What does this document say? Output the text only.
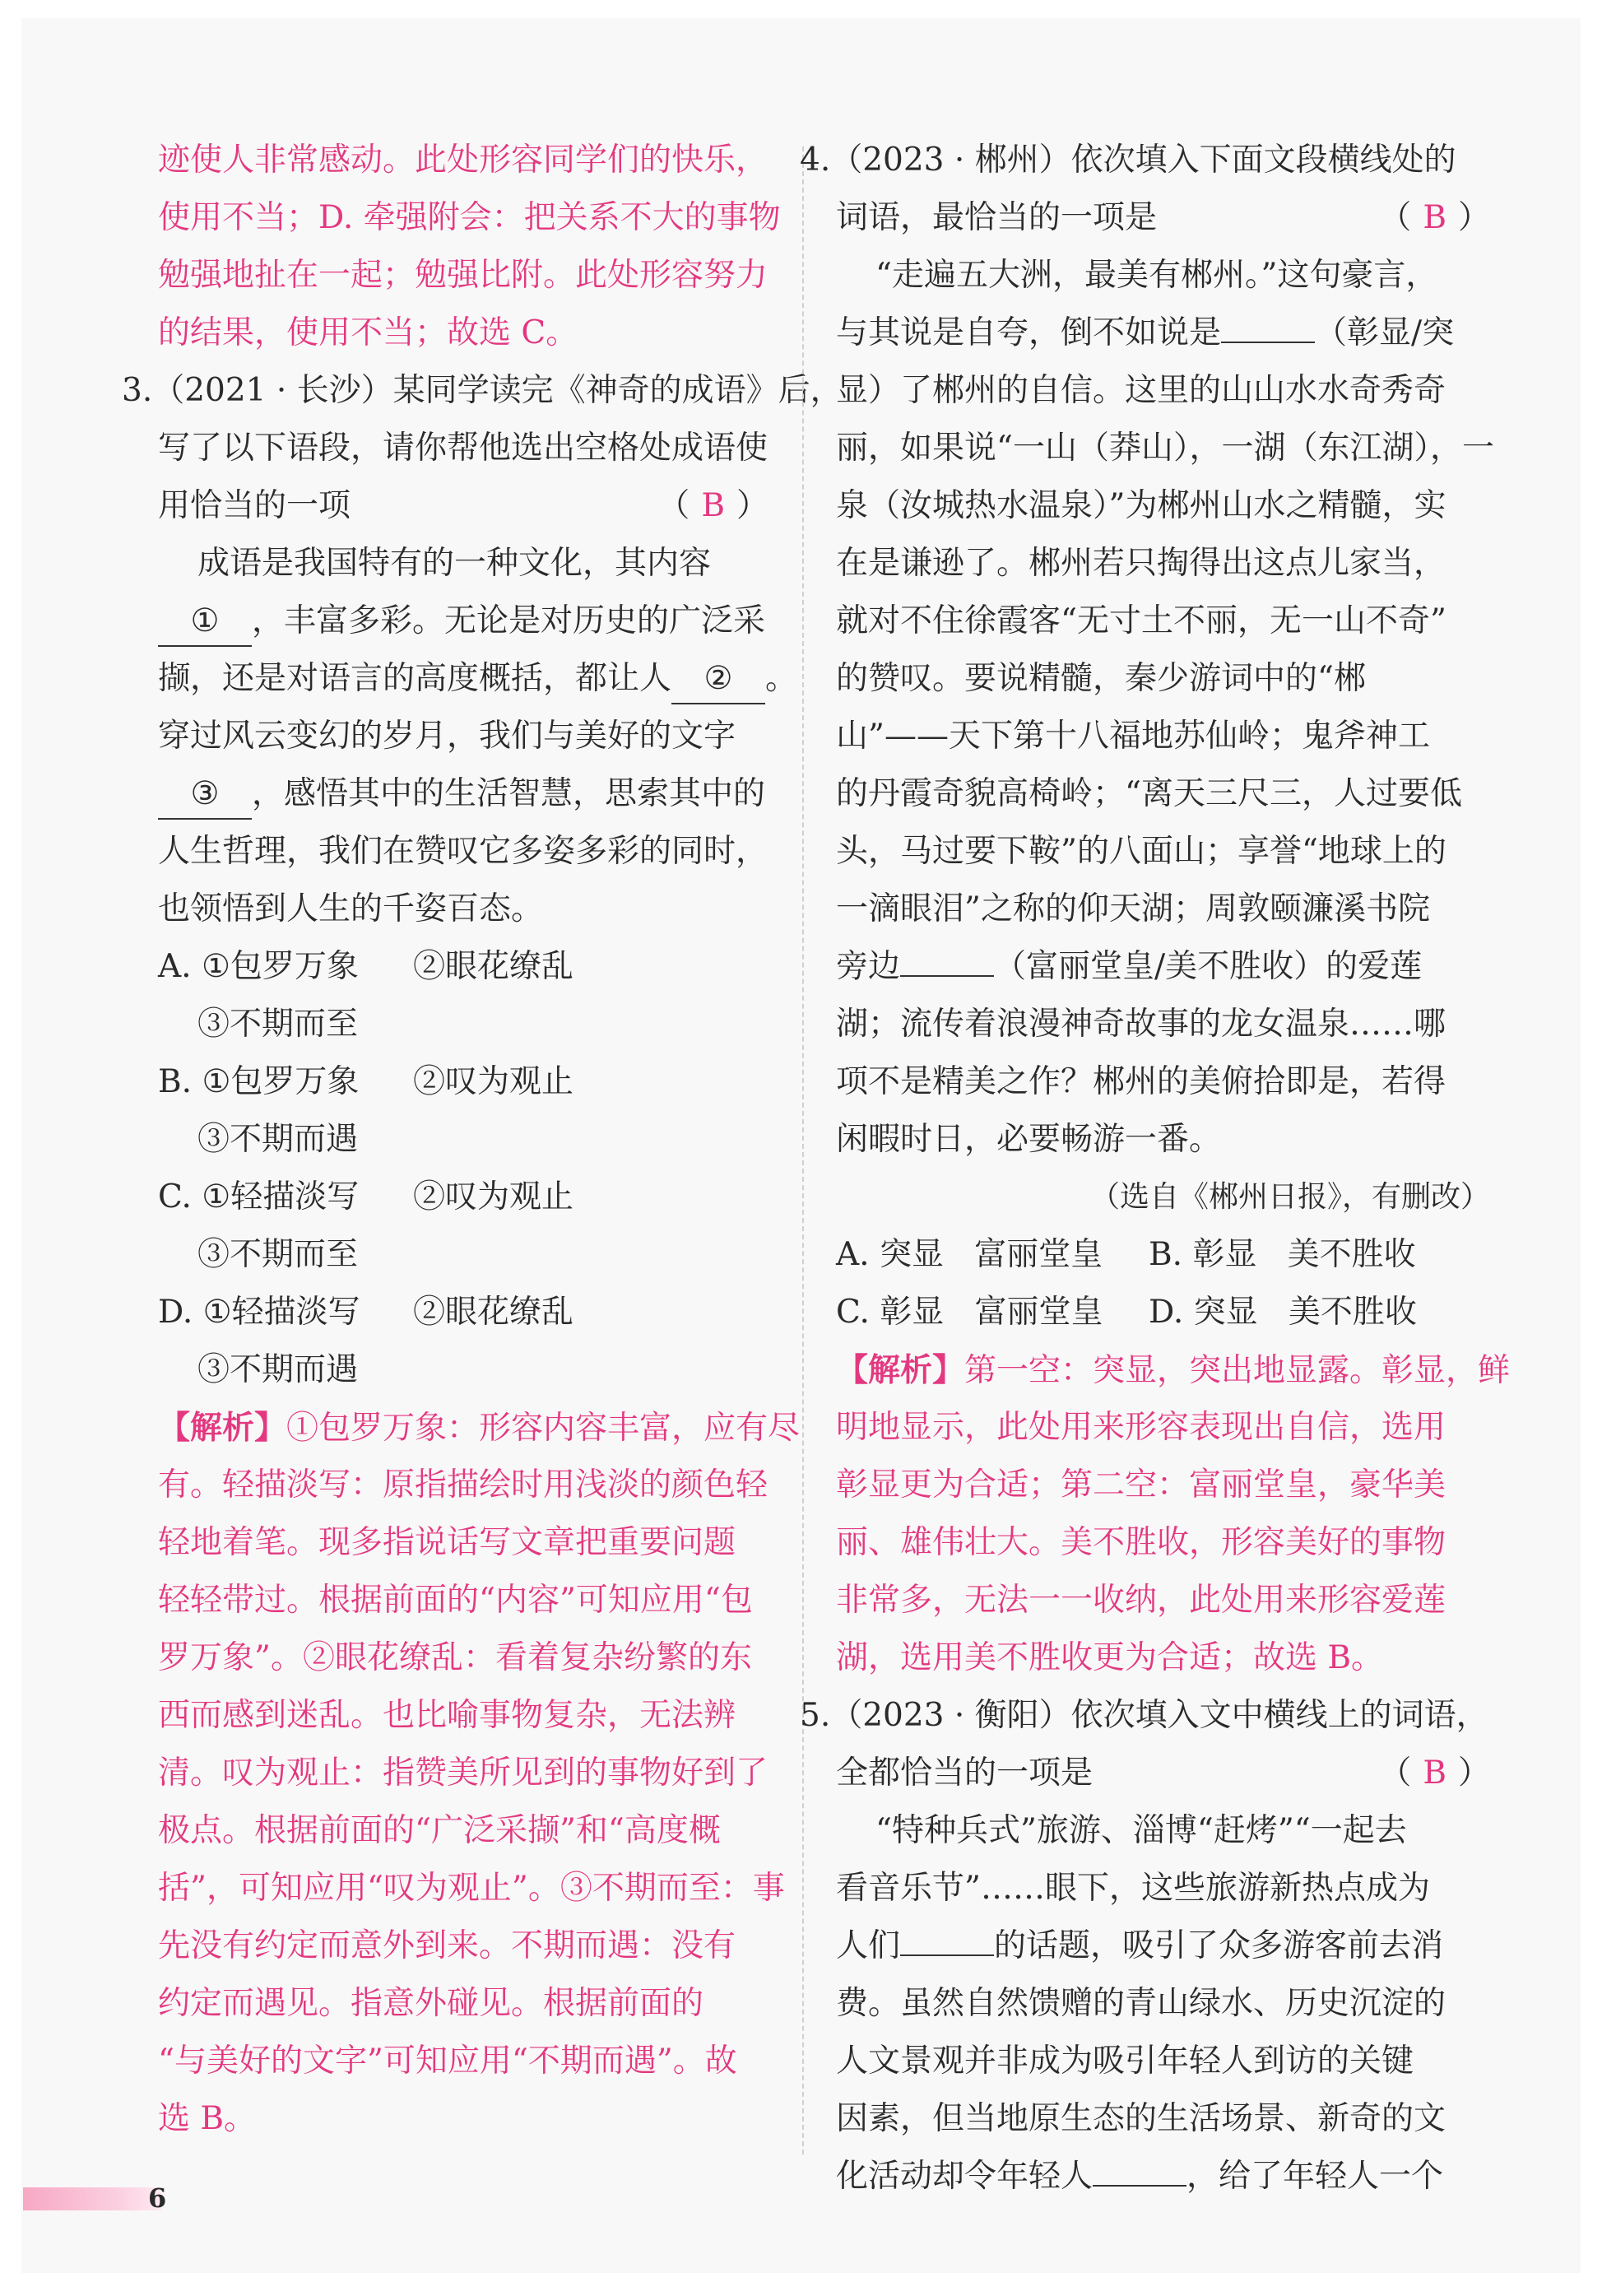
迹使人非常感动。此处形容同学们的快乐，
使用不当；D. 牵强附会：把关系不大的事物
勉强地扯在一起；勉强比附。此处形容努力
的结果，使用不当；故选 C。
3.（2021 · 长沙）某同学读完《神奇的成语》后，
写了以下语段，请你帮他选出空格处成语使
用恰当的一项	（ B ）
成语是我国特有的一种文化，其内容
① ，丰富多彩。无论是对历史的广泛采
撷，还是对语言的高度概括，都让人 ② 。
穿过风云变幻的岁月，我们与美好的文字
③ ，感悟其中的生活智慧，思索其中的
人生哲理，我们在赞叹它多姿多彩的同时，
也领悟到人生的千姿百态。
A. ①包罗万象 ②眼花缭乱
③不期而至
B. ①包罗万象 ②叹为观止
③不期而遇
C. ①轻描淡写 ②叹为观止
③不期而至
D. ①轻描淡写 ②眼花缭乱
③不期而遇
【解析】①包罗万象：形容内容丰富，应有尽
有。轻描淡写：原指描绘时用浅淡的颜色轻
轻地着笔。现多指说话写文章把重要问题
轻轻带过。根据前面的“内容”可知应用“包
罗万象”。②眼花缭乱：看着复杂纷繁的东
西而感到迷乱。也比喻事物复杂，无法辨
清。叹为观止：指赞美所见到的事物好到了
极点。根据前面的“广泛采撷”和“高度概
括”，可知应用“叹为观止”。③不期而至：事
先没有约定而意外到来。不期而遇：没有
约定而遇见。指意外碰见。根据前面的
“与美好的文字”可知应用“不期而遇”。故
选 B。
4.（2023 · 郴州）依次填入下面文段横线处的
词语，最恰当的一项是	（ B ）
“走遍五大洲，最美有郴州。”这句豪言，
与其说是自夸，倒不如说是	（彰显/突
显）了郴州的自信。这里的山山水水奇秀奇
丽，如果说“一山（莽山），一湖（东江湖），一
泉（汝城热水温泉）”为郴州山水之精髓，实
在是谦逊了。郴州若只掏得出这点儿家当，
就对不住徐霞客“无寸土不丽，无一山不奇”
的赞叹。要说精髓，秦少游词中的“郴
山”——天下第十八福地苏仙岭；鬼斧神工
的丹霞奇貌高椅岭；“离天三尺三，人过要低
头，马过要下鞍”的八面山；享誉“地球上的
一滴眼泪”之称的仰天湖；周敦颐濂溪书院
旁边	（富丽堂皇/美不胜收）的爱莲
湖；流传着浪漫神奇故事的龙女温泉……哪
项不是精美之作？郴州的美俯拾即是，若得
闲暇时日，必要畅游一番。
（选自《郴州日报》，有删改）
A. 突显 富丽堂皇 B. 彰显 美不胜收
C. 彰显 富丽堂皇 D. 突显 美不胜收
【解析】第一空：突显，突出地显露。彰显，鲜
明地显示，此处用来形容表现出自信，选用
彰显更为合适；第二空：富丽堂皇，豪华美
丽、雄伟壮大。美不胜收，形容美好的事物
非常多，无法一一收纳，此处用来形容爱莲
湖，选用美不胜收更为合适；故选 B。
5.（2023 · 衡阳）依次填入文中横线上的词语，
全都恰当的一项是	（ B ）
“特种兵式”旅游、淄博“赶烤”“一起去
看音乐节”……眼下，这些旅游新热点成为
人们	的话题，吸引了众多游客前去消
费。虽然自然馈赠的青山绿水、历史沉淀的
人文景观并非成为吸引年轻人到访的关键
因素，但当地原生态的生活场景、新奇的文
化活动却令年轻人	，给了年轻人一个
6
